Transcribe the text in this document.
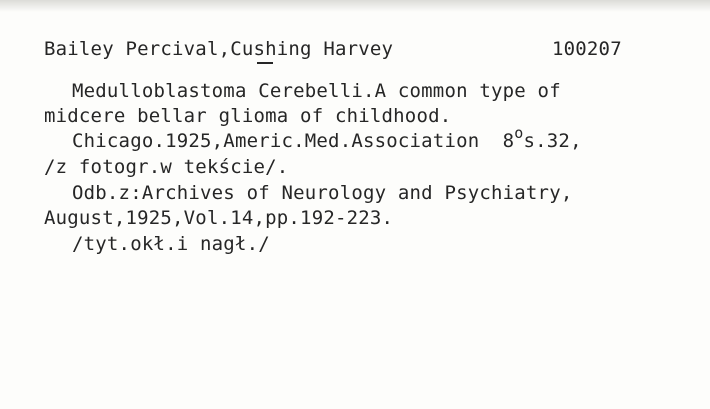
Bailey Percival,Cushing Harvey	100207
Medulloblastoma Cerebelli.A common type of
midcere bellar glioma of childhood.
Chicago.1925,Americ.Med.Association  8os.32,
/z fotogr.w tekście/.
Odb.z:Archives of Neurology and Psychiatry,
August,1925,Vol.14,pp.192-223.
/tyt.okł.i nagł./
